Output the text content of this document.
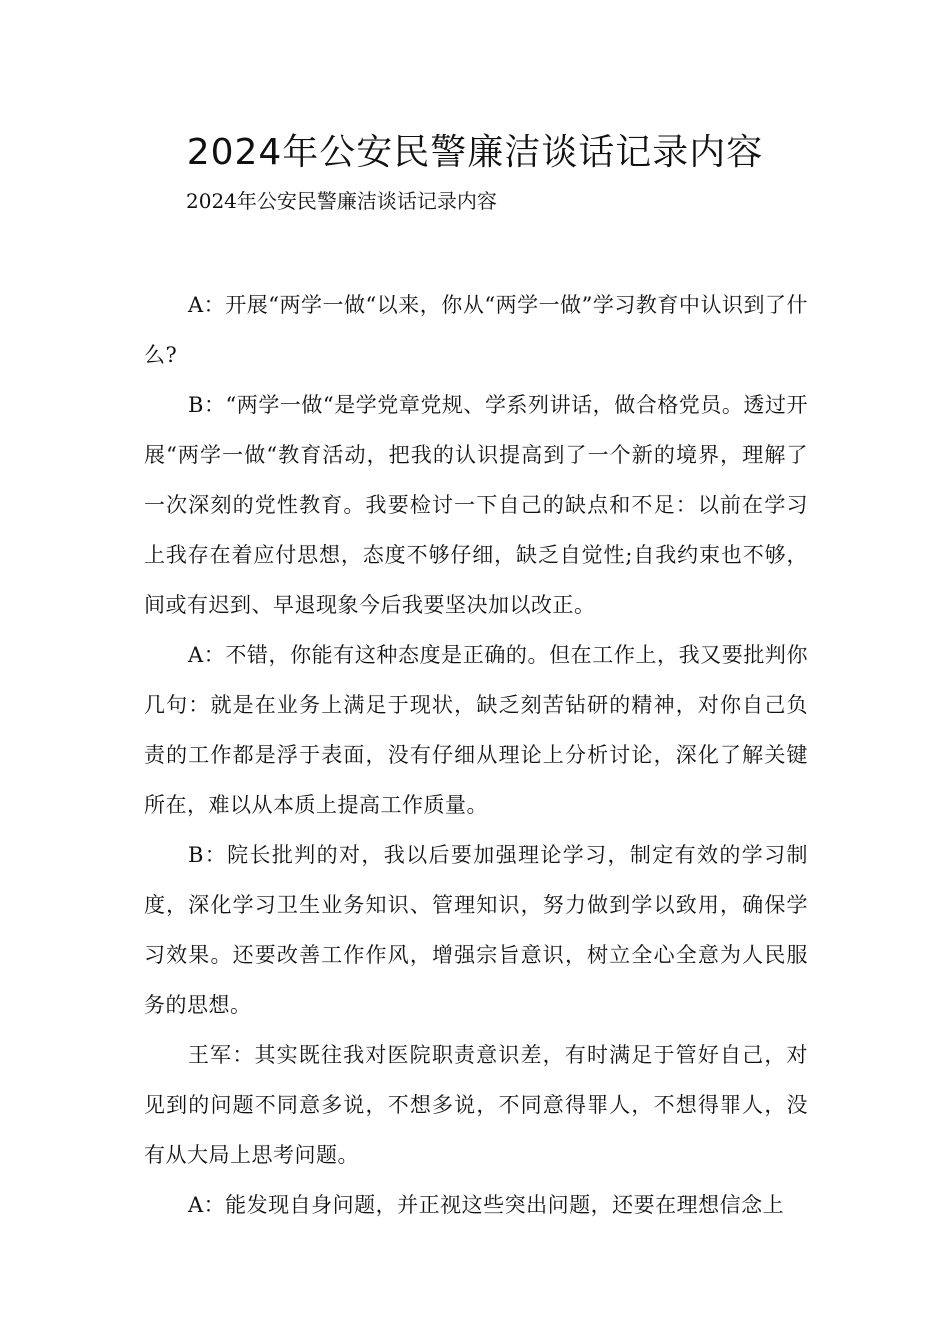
2024年公安民警廉洁谈话记录内容

2024年公安民警廉洁谈话记录内容

A：开展“两学一做“以来，你从“两学一做”学习教育中认识到了什么?

B：“两学一做“是学党章党规、学系列讲话，做合格党员。透过开展“两学一做“教育活动，把我的认识提高到了一个新的境界，理解了一次深刻的党性教育。我要检讨一下自己的缺点和不足：以前在学习上我存在着应付思想，态度不够仔细，缺乏自觉性;自我约束也不够，间或有迟到、早退现象今后我要坚决加以改正。

A：不错，你能有这种态度是正确的。但在工作上，我又要批判你几句：就是在业务上满足于现状，缺乏刻苦钻研的精神，对你自己负责的工作都是浮于表面，没有仔细从理论上分析讨论，深化了解关键所在，难以从本质上提高工作质量。

B：院长批判的对，我以后要加强理论学习，制定有效的学习制度，深化学习卫生业务知识、管理知识，努力做到学以致用，确保学习效果。还要改善工作作风，增强宗旨意识，树立全心全意为人民服务的思想。

王军：其实既往我对医院职责意识差，有时满足于管好自己，对见到的问题不同意多说，不想多说，不同意得罪人，不想得罪人，没有从大局上思考问题。

A：能发现自身问题，并正视这些突出问题，还要在理想信念上
